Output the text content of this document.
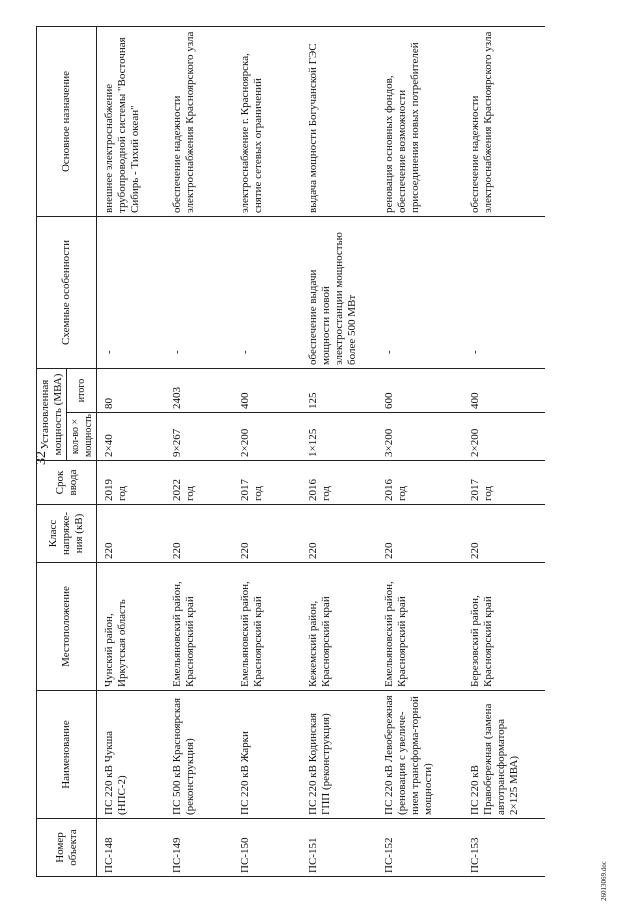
32
Номер объекта	Наименование	Местоположение	Класс напряже-ния (кВ)	Срок ввода	Установленная мощность (МВА)		Схемные особенности	Основное назначение
					кол-во × мощность	итого		
ПС-148	ПС 220 кВ Чукша (НПС-2)	Чунский район, Иркутская область	220	2019 год	2×40	80	-	внешнее электроснабжение трубопроводной системы "Восточная Сибирь - Тихий океан"
ПС-149	ПС 500 кВ Красноярская (реконструкция)	Емельяновский район, Красноярский край	220	2022 год	9×267	2403	-	обеспечение надежности электроснабжения Красноярского узла
ПС-150	ПС 220 кВ Жарки	Емельяновский район, Красноярский край	220	2017 год	2×200	400	-	электроснабжение г. Красноярска, снятие сетевых ограничений
ПС-151	ПС 220 кВ Кодинская ГПП (реконструкция)	Кежемский район, Красноярский край	220	2016 год	1×125	125	обеспечение выдачи мощности новой электростанции мощностью более 500 МВт	выдача мощности Богучанской ГЭС
ПС-152	ПС 220 кВ Левобережная (реновация с увеличе-нием трансформа-торной мощности)	Емельяновский район, Красноярский край	220	2016 год	3×200	600	-	реновация основных фондов, обеспечение возможности присоединения новых потребителей
ПС-153	ПС 220 кВ Правобережная (замена автотрансформатора 2×125 МВА)	Березовский район, Красноярский край	220	2017 год	2×200	400	-	обеспечение надежности электроснабжения Красноярского узла
26013069.doc
